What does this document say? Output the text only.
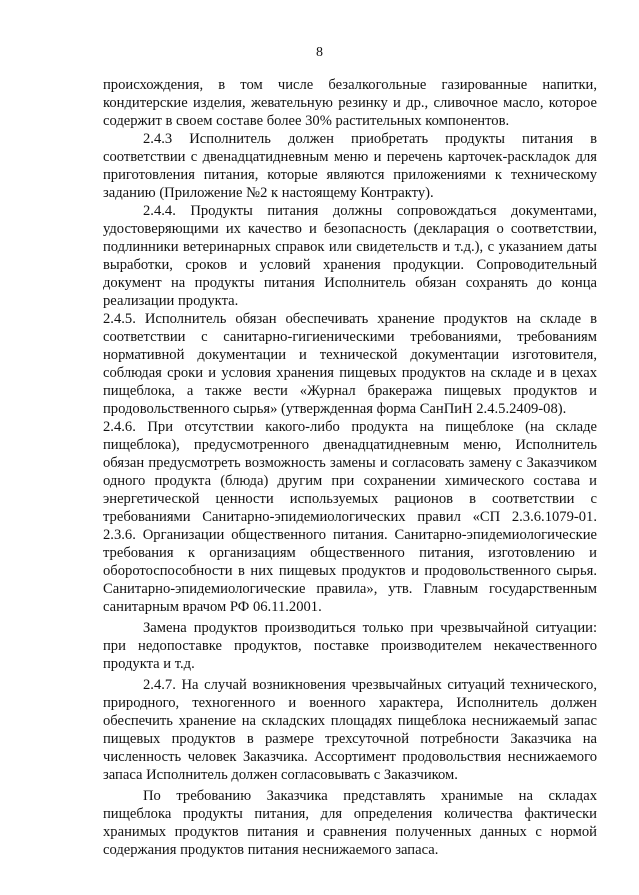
8

происхождения, в том числе безалкогольные газированные напитки, кондитерские изделия, жевательную резинку и др., сливочное масло, которое содержит в своем составе более 30% растительных компонентов.

2.4.3 Исполнитель должен приобретать продукты питания в соответствии с двенадцатидневным меню и перечень карточек-раскладок для приготовления питания, которые являются приложениями к техническому заданию (Приложение №2 к настоящему Контракту).

2.4.4. Продукты питания должны сопровождаться документами, удостоверяющими их качество и безопасность (декларация о соответствии, подлинники ветеринарных справок или свидетельств и т.д.), с указанием даты выработки, сроков и условий хранения продукции. Сопроводительный документ на продукты питания Исполнитель обязан сохранять до конца реализации продукта.

2.4.5. Исполнитель обязан обеспечивать хранение продуктов на складе в соответствии с санитарно-гигиеническими требованиями, требованиям нормативной документации и технической документации изготовителя, соблюдая сроки и условия хранения пищевых продуктов на складе и в цехах пищеблока, а также вести «Журнал бракеража пищевых продуктов и продовольственного сырья» (утвержденная форма СанПиН 2.4.5.2409-08).

2.4.6. При отсутствии какого-либо продукта на пищеблоке (на складе пищеблока), предусмотренного двенадцатидневным меню, Исполнитель обязан предусмотреть возможность замены и согласовать замену с Заказчиком одного продукта (блюда) другим при сохранении химического состава и энергетической ценности используемых рационов в соответствии с требованиями Санитарно-эпидемиологических правил «СП 2.3.6.1079-01. 2.3.6. Организации общественного питания. Санитарно-эпидемиологические требования к организациям общественного питания, изготовлению и оборотоспособности в них пищевых продуктов и продовольственного сырья. Санитарно-эпидемиологические правила», утв. Главным государственным санитарным врачом РФ 06.11.2001.

Замена продуктов производиться только при чрезвычайной ситуации: при недопоставке продуктов, поставке производителем некачественного продукта и т.д.

2.4.7. На случай возникновения чрезвычайных ситуаций технического, природного, техногенного и военного характера, Исполнитель должен обеспечить хранение на складских площадях пищеблока неснижаемый запас пищевых продуктов в размере трехсуточной потребности Заказчика на численность человек Заказчика. Ассортимент продовольствия неснижаемого запаса Исполнитель должен согласовывать с Заказчиком.

По требованию Заказчика представлять хранимые на складах пищеблока продукты питания, для определения количества фактически хранимых продуктов питания и сравнения полученных данных с нормой содержания продуктов питания неснижаемого запаса.
